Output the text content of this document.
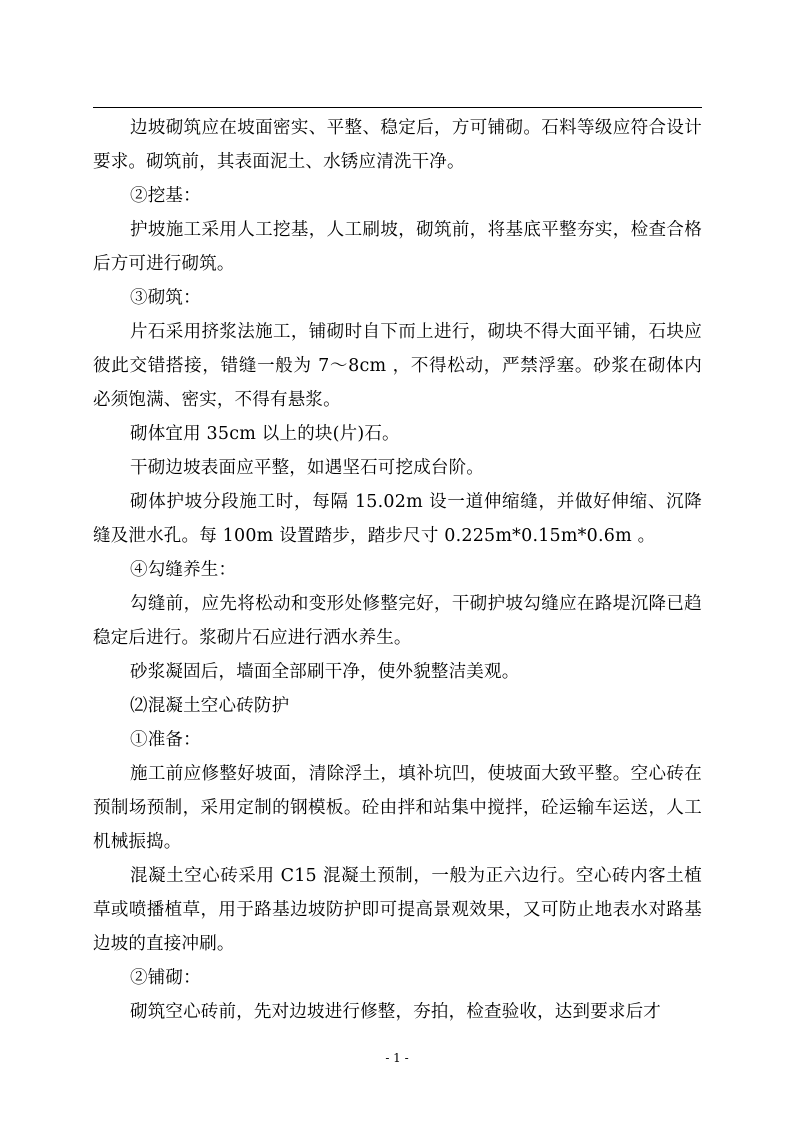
边坡砌筑应在坡面密实、平整、稳定后，方可铺砌。石料等级应符合设计要求。砌筑前，其表面泥土、水锈应清洗干净。

②挖基：

护坡施工采用人工挖基，人工刷坡，砌筑前，将基底平整夯实，检查合格后方可进行砌筑。

③砌筑：

片石采用挤浆法施工，铺砌时自下而上进行，砌块不得大面平铺，石块应彼此交错搭接，错缝一般为 7～8cm ，不得松动，严禁浮塞。砂浆在砌体内必须饱满、密实，不得有悬浆。

砌体宜用 35cm 以上的块(片)石。

干砌边坡表面应平整，如遇坚石可挖成台阶。

砌体护坡分段施工时，每隔 15.02m 设一道伸缩缝，并做好伸缩、沉降缝及泄水孔。每 100m 设置踏步，踏步尺寸 0.225m*0.15m*0.6m 。

④勾缝养生：

勾缝前，应先将松动和变形处修整完好，干砌护坡勾缝应在路堤沉降已趋稳定后进行。浆砌片石应进行洒水养生。

砂浆凝固后，墙面全部刷干净，使外貌整洁美观。

⑵混凝土空心砖防护

①准备：

施工前应修整好坡面，清除浮土，填补坑凹，使坡面大致平整。空心砖在预制场预制，采用定制的钢模板。砼由拌和站集中搅拌，砼运输车运送，人工机械振捣。

混凝土空心砖采用 C15 混凝土预制，一般为正六边行。空心砖内客土植草或喷播植草，用于路基边坡防护即可提高景观效果，又可防止地表水对路基边坡的直接冲刷。

②铺砌：

砌筑空心砖前，先对边坡进行修整，夯拍，检查验收，达到要求后才

- 1 -
